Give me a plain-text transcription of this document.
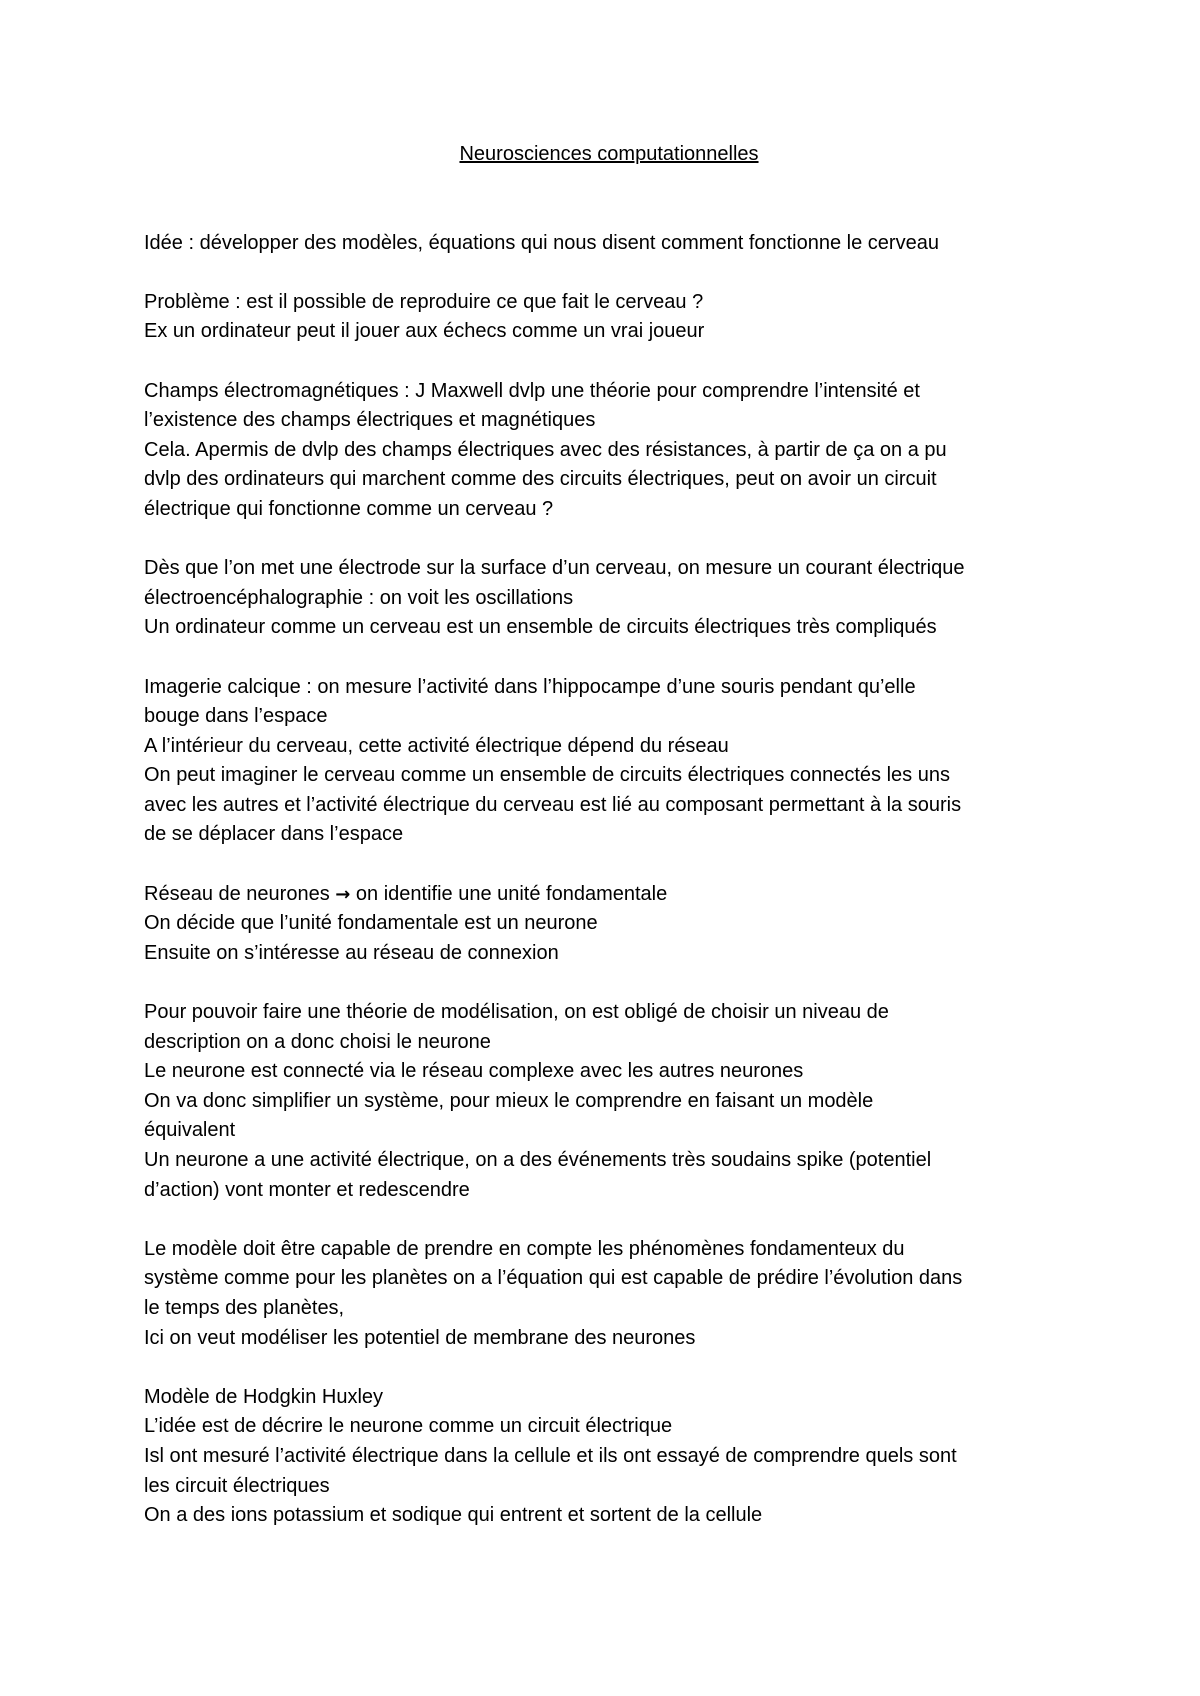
Neurosciences computationnelles
Idée : développer des modèles, équations qui nous disent comment fonctionne le cerveau
Problème : est il possible de reproduire ce que fait le cerveau ?
Ex un ordinateur peut il jouer aux échecs comme un vrai joueur
Champs électromagnétiques : J Maxwell dvlp une théorie pour comprendre l’intensité et
l’existence des champs électriques et magnétiques
Cela. Apermis de dvlp des champs électriques avec des résistances, à partir de ça on a pu
dvlp des ordinateurs qui marchent comme des circuits électriques, peut on avoir un circuit
électrique qui fonctionne comme un cerveau ?
Dès que l’on met une électrode sur la surface d’un cerveau, on mesure un courant électrique
électroencéphalographie : on voit les oscillations
Un ordinateur comme un cerveau est un ensemble de circuits électriques très compliqués
Imagerie calcique : on mesure l’activité dans l’hippocampe d’une souris pendant qu’elle
bouge dans l’espace
A l’intérieur du cerveau, cette activité électrique dépend du réseau
On peut imaginer le cerveau comme un ensemble de circuits électriques connectés les uns
avec les autres et l’activité électrique du cerveau est lié au composant permettant à la souris
de se déplacer dans l’espace
Réseau de neurones → on identifie une unité fondamentale
On décide que l’unité fondamentale est un neurone
Ensuite on s’intéresse au réseau de connexion
Pour pouvoir faire une théorie de modélisation, on est obligé de choisir un niveau de
description on a donc choisi le neurone
Le neurone est connecté via le réseau complexe avec les autres neurones
On va donc simplifier un système, pour mieux le comprendre en faisant un modèle
équivalent
Un neurone a une activité électrique, on a des événements très soudains spike (potentiel
d’action) vont monter et redescendre
Le modèle doit être capable de prendre en compte les phénomènes fondamenteux du
système comme pour les planètes on a l’équation qui est capable de prédire l’évolution dans
le temps des planètes,
Ici on veut modéliser les potentiel de membrane des neurones
Modèle de Hodgkin Huxley
L’idée est de décrire le neurone comme un circuit électrique
Isl ont mesuré l’activité électrique dans la cellule et ils ont essayé de comprendre quels sont
les circuit électriques
On a des ions potassium et sodique qui entrent et sortent de la cellule
